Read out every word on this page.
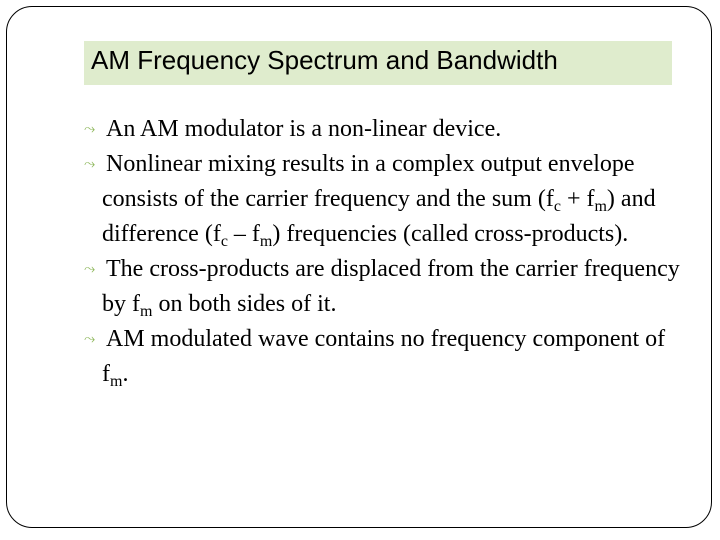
AM Frequency Spectrum and Bandwidth
⤳ An AM modulator is a non-linear device.
⤳ Nonlinear mixing results in a complex output envelope consists of the carrier frequency and the sum $(f_c + f_m)$ and difference $(f_c - f_m)$ frequencies (called cross-products).
⤳ The cross-products are displaced from the carrier frequency by $f_m$ on both sides of it.
⤳ AM modulated wave contains no frequency component of $f_m$.
